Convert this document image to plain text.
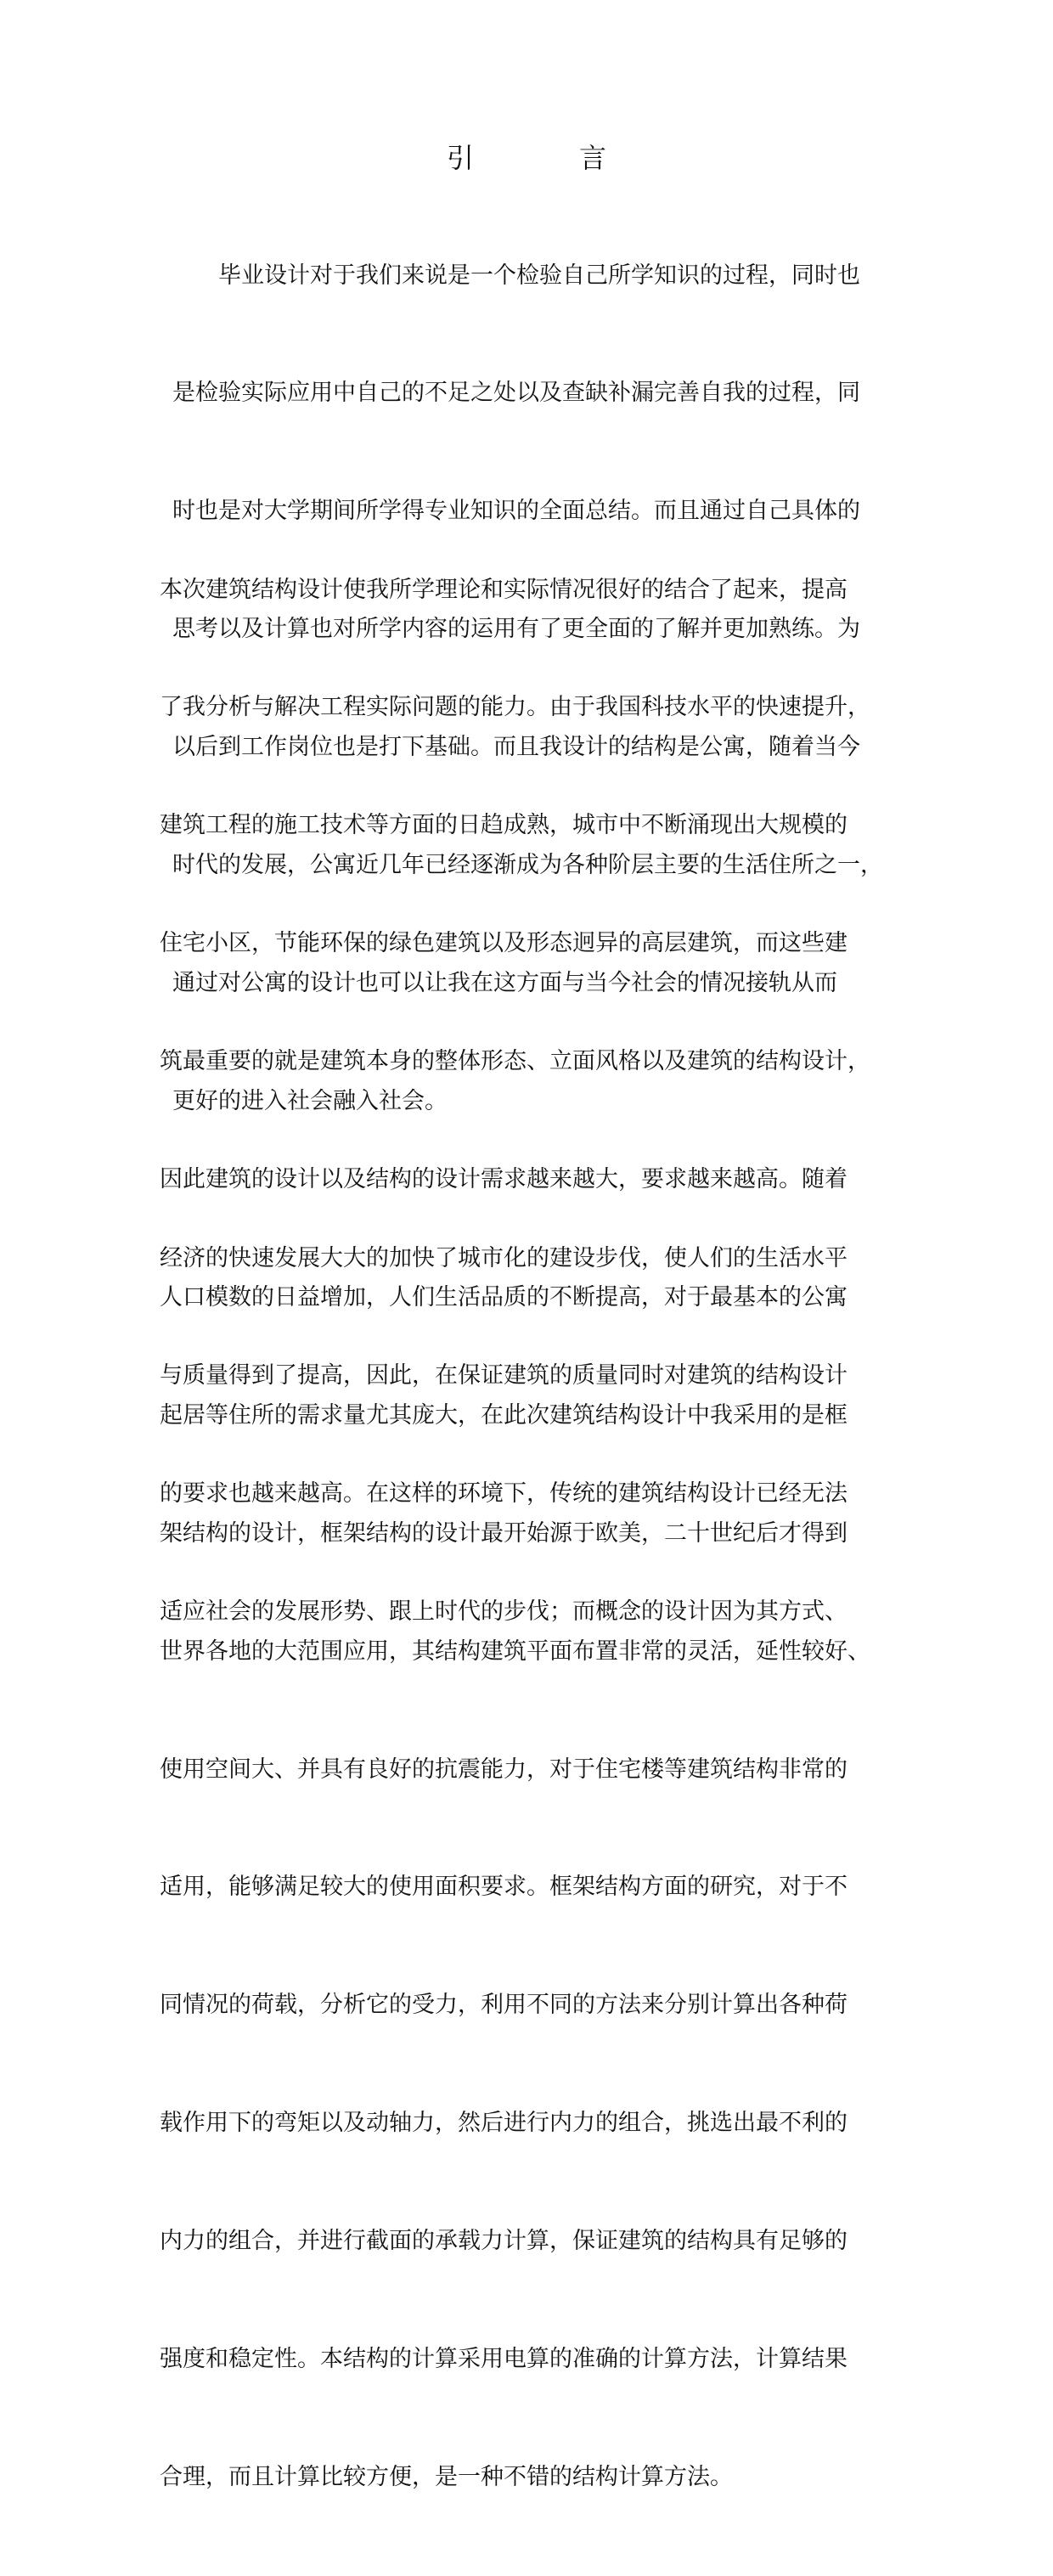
引　言

　　毕业设计对于我们来说是一个检验自己所学知识的过程，同时也

是检验实际应用中自己的不足之处以及查缺补漏完善自我的过程，同

时也是对大学期间所学得专业知识的全面总结。而且通过自己具体的

思考以及计算也对所学内容的运用有了更全面的了解并更加熟练。为

以后到工作岗位也是打下基础。而且我设计的结构是公寓，随着当今

时代的发展，公寓近几年已经逐渐成为各种阶层主要的生活住所之一，

通过对公寓的设计也可以让我在这方面与当今社会的情况接轨从而

更好的进入社会融入社会。

本次建筑结构设计使我所学理论和实际情况很好的结合了起来，提高

了我分析与解决工程实际问题的能力。由于我国科技水平的快速提升，

建筑工程的施工技术等方面的日趋成熟，城市中不断涌现出大规模的

住宅小区，节能环保的绿色建筑以及形态迥异的高层建筑，而这些建

筑最重要的就是建筑本身的整体形态、立面风格以及建筑的结构设计，

因此建筑的设计以及结构的设计需求越来越大，要求越来越高。随着

人口模数的日益增加，人们生活品质的不断提高，对于最基本的公寓

起居等住所的需求量尤其庞大，在此次建筑结构设计中我采用的是框

架结构的设计，框架结构的设计最开始源于欧美，二十世纪后才得到

世界各地的大范围应用，其结构建筑平面布置非常的灵活，延性较好、

使用空间大、并具有良好的抗震能力，对于住宅楼等建筑结构非常的

适用，能够满足较大的使用面积要求。框架结构方面的研究，对于不

同情况的荷载，分析它的受力，利用不同的方法来分别计算出各种荷

载作用下的弯矩以及动轴力，然后进行内力的组合，挑选出最不利的

内力的组合，并进行截面的承载力计算，保证建筑的结构具有足够的

强度和稳定性。本结构的计算采用电算的准确的计算方法，计算结果

合理，而且计算比较方便，是一种不错的结构计算方法。

经济的快速发展大大的加快了城市化的建设步伐，使人们的生活水平

与质量得到了提高，因此，在保证建筑的质量同时对建筑的结构设计

的要求也越来越高。在这样的环境下，传统的建筑结构设计已经无法

适应社会的发展形势、跟上时代的步伐；而概念的设计因为其方式、
